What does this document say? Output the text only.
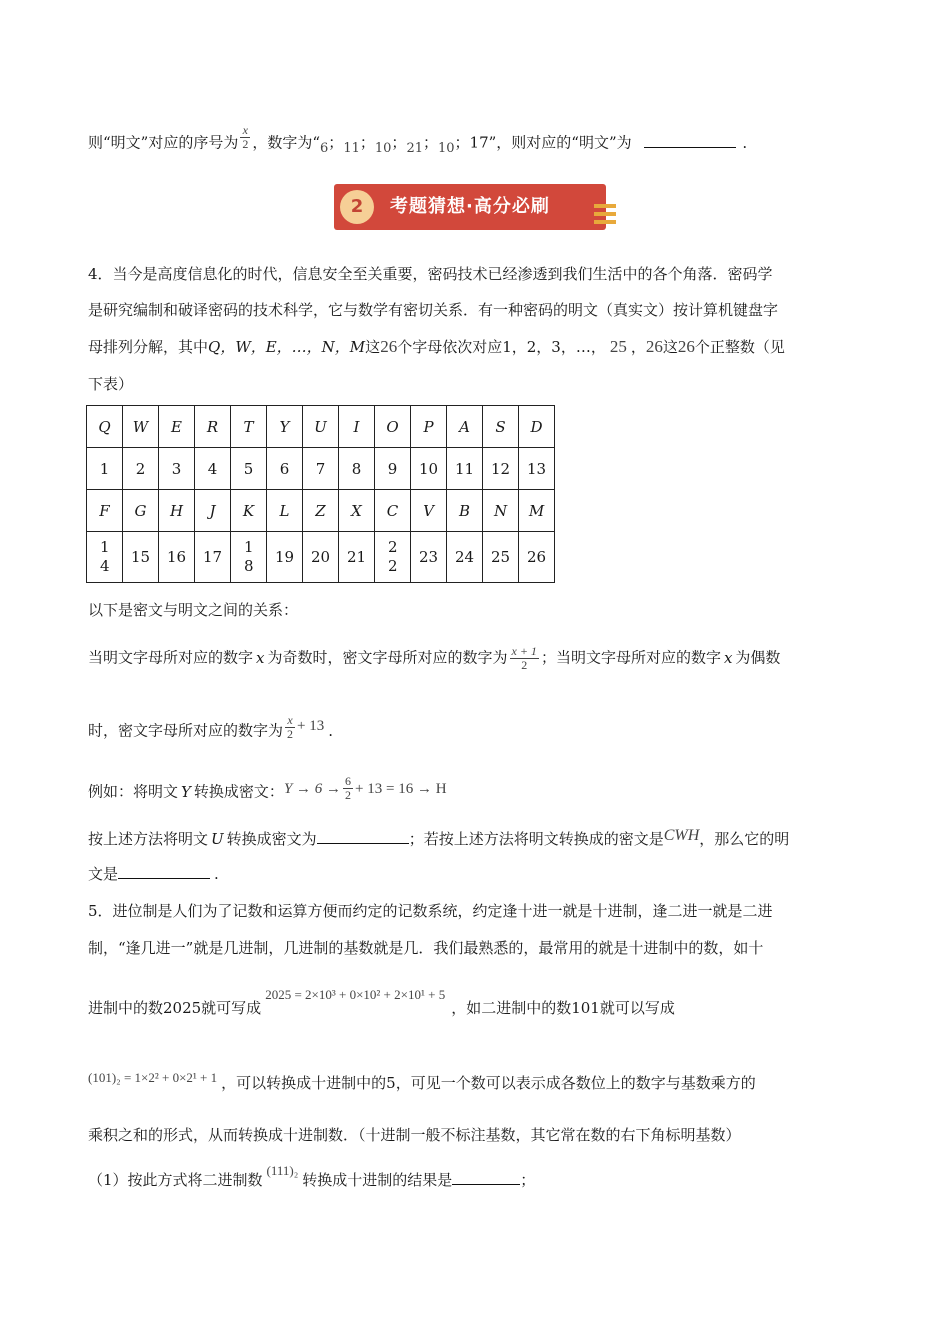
则“明文”对应的序号为 $\frac{x}{2}$ ，数字为“6；11；10；21；10；17”，则对应的“明文”为	.
2	考题猜想·高分必刷
4．当今是高度信息化的时代，信息安全至关重要，密码技术已经渗透到我们生活中的各个角落．密码学
是研究编制和破译密码的技术科学，它与数学有密切关系．有一种密码的明文（真实文）按计算机键盘字
母排列分解，其中Q，W，E，…，N，M这26个字母依次对应1，2，3，…， 25 ，26这26个正整数（见
下表）
Q	W	E	R	T	Y	U	I	O	P	A	S	D
1	2	3	4	5	6	7	8	9	10	11	12	13
F	G	H	J	K	L	Z	X	C	V	B	N	M
14	15	16	17	18	19	20	21	22	23	24	25	26
以下是密文与明文之间的关系：
当明文字母所对应的数字 x 为奇数时，密文字母所对应的数字为 $\frac{x + 1}{2}$ ；当明文字母所对应的数字 x 为偶数
时，密文字母所对应的数字为 $\frac{x}{2} + 13$ .
例如：将明文 Y 转换成密文：$Y \to 6 \to \frac{6}{2} + 13 = 16 \to H$
按上述方法将明文 U 转换成密文为	；若按上述方法将明文转换成的密文是CWH，那么它的明
文是	.
5．进位制是人们为了记数和运算方便而约定的记数系统，约定逢十进一就是十进制，逢二进一就是二进
制，“逢几进一”就是几进制，几进制的基数就是几．我们最熟悉的，最常用的就是十进制中的数，如十
进制中的数2025就可写成2025 = 2×10³ + 0×10² + 2×10¹ + 5，如二进制中的数101就可以写成
(101)₂ = 1×2² + 0×2¹ + 1 ，可以转换成十进制中的5，可见一个数可以表示成各数位上的数字与基数乘方的
乘积之和的形式，从而转换成十进制数．（十进制一般不标注基数，其它常在数的右下角标明基数）
（1）按此方式将二进制数(111)₂转换成十进制的结果是	；
